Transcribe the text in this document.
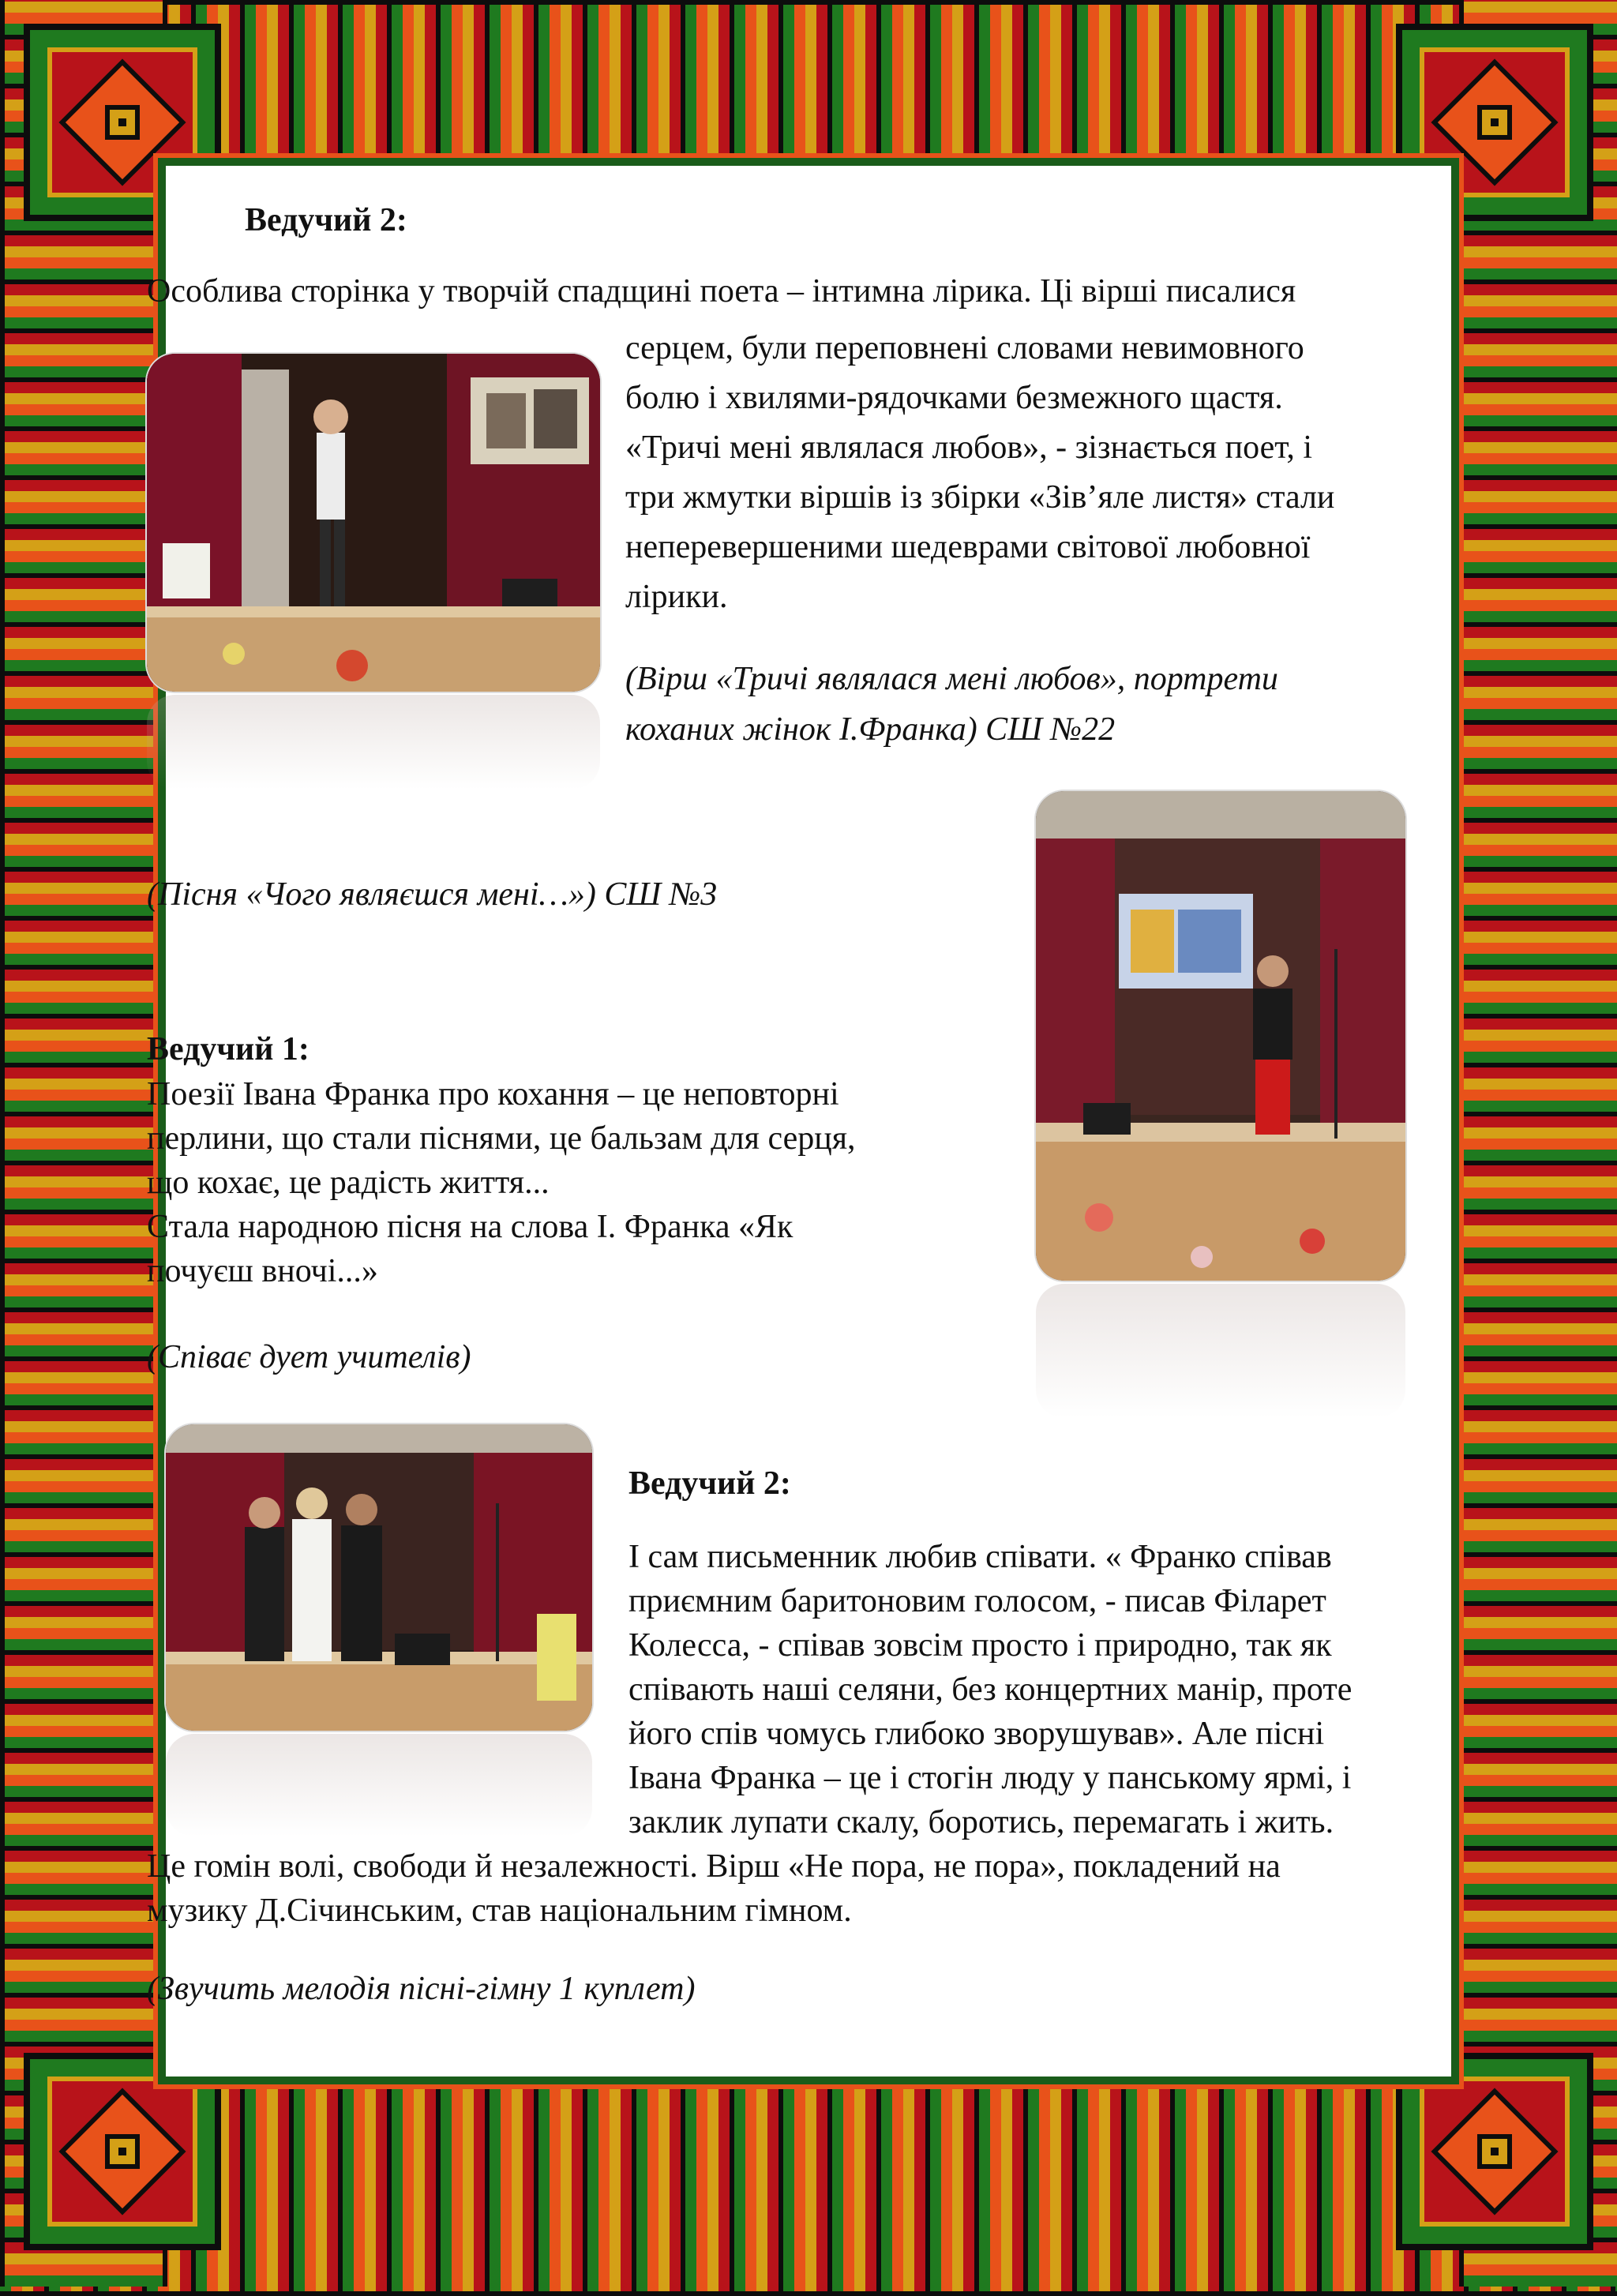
Ведучий 2:
Особлива сторінка у творчій спадщині поета – інтимна лірика. Ці вірші писалися

серцем, були переповнені словами невимовного

болю і хвилями-рядочками безмежного щастя.

«Тричі мені являлася любов», - зізнається поет, і

три жмутки віршів із збірки «Зів’яле листя» стали

неперевершеними шедеврами світової любовної

лірики.

(Вірш «Тричі являлася мені любов», портрети

коханих жінок І.Франка) СШ №22

(Пісня «Чого являєшся мені…») СШ №3
Ведучий 1:

Поезії Івана Франка про кохання – це неповторні

перлини, що стали піснями, це бальзам для серця,

що кохає, це радість життя...

Стала народною пісня на слова І. Франка «Як

почуєш вночі...»

(Співає дует учителів)
Ведучий 2:

І сам письменник любив співати. « Франко співав

приємним баритоновим голосом, - писав Філарет

Колесса, - співав зовсім просто і природно, так як

співають наші селяни, без концертних манір, проте

його спів чомусь глибоко зворушував». Але пісні

Івана Франка – це і стогін люду у панському ярмі, і

заклик лупати скалу, боротись, перемагать і жить.

Це гомін волі, свободи й незалежності. Вірш «Не пора, не пора», покладений на

музику Д.Січинським, став національним гімном.

(Звучить мелодія пісні-гімну 1 куплет)
